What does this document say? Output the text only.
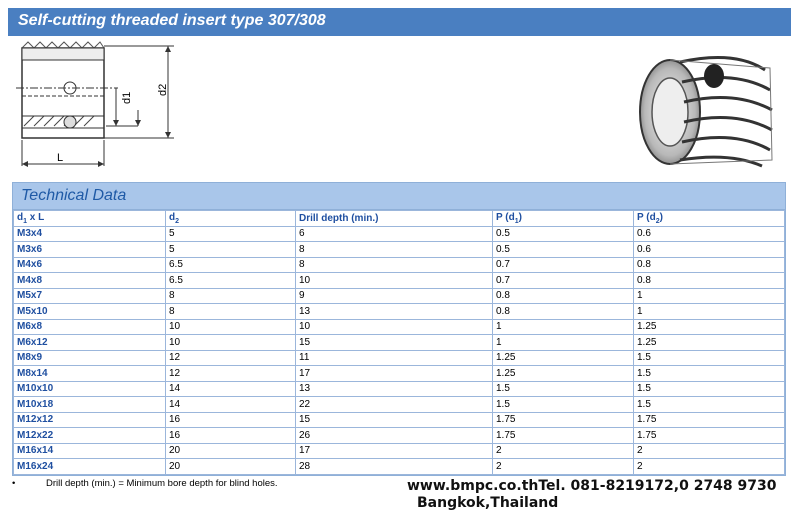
Self-cutting threaded insert type 307/308
d1
d2
L
Technical Data
$d_1$ x L	$d_2$	Drill depth (min.)	P $(d_1)$	P $(d_2)$
M3x4	5	6	0.5	0.6
M3x6	5	8	0.5	0.6
M4x6	6.5	8	0.7	0.8
M4x8	6.5	10	0.7	0.8
M5x7	8	9	0.8	1
M5x10	8	13	0.8	1
M6x8	10	10	1	1.25
M6x12	10	15	1	1.25
M8x9	12	11	1.25	1.5
M8x14	12	17	1.25	1.5
M10x10	14	13	1.5	1.5
M10x18	14	22	1.5	1.5
M12x12	16	15	1.75	1.75
M12x22	16	26	1.75	1.75
M16x14	20	17	2	2
M16x24	20	28	2	2
•	Drill depth (min.) = Minimum bore depth for blind holes.	www.bmpc.co.thTel. 081-8219172,0 2748 9730
Bangkok,Thailand
